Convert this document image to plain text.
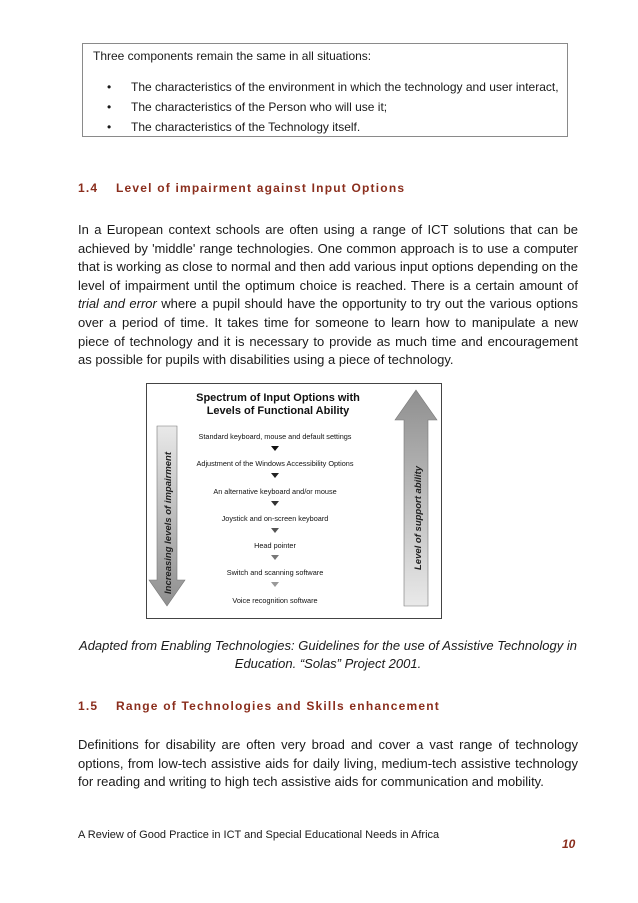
Three components remain the same in all situations:
• The characteristics of the environment in which the technology and user interact,
• The characteristics of the Person who will use it;
• The characteristics of the Technology itself.
1.4 Level of impairment against Input Options

In a European context schools are often using a range of ICT solutions that can be achieved by 'middle' range technologies. One common approach is to use a computer that is working as close to normal and then add various input options depending on the level of impairment until the optimum choice is reached. There is a certain amount of trial and error where a pupil should have the opportunity to try out the various options over a period of time. It takes time for someone to learn how to manipulate a new piece of technology and it is necessary to provide as much time and encouragement as possible for pupils with disabilities using a piece of technology.

Increasing levels of impairment	Level of support ability
Spectrum of Input Options with
Levels of Functional Ability
Standard keyboard, mouse and default settings
Adjustment of the Windows Accessibility Options
An alternative keyboard and/or mouse
Joystick and on-screen keyboard
Head pointer
Switch and scanning software
Voice recognition software

Adapted from Enabling Technologies: Guidelines for the use of Assistive Technology in
Education. “Solas” Project 2001.

1.5 Range of Technologies and Skills enhancement

Definitions for disability are often very broad and cover a vast range of technology options, from low-tech assistive aids for daily living, medium-tech assistive technology for reading and writing to high tech assistive aids for communication and mobility.

A Review of Good Practice in ICT and Special Educational Needs in Africa
10
